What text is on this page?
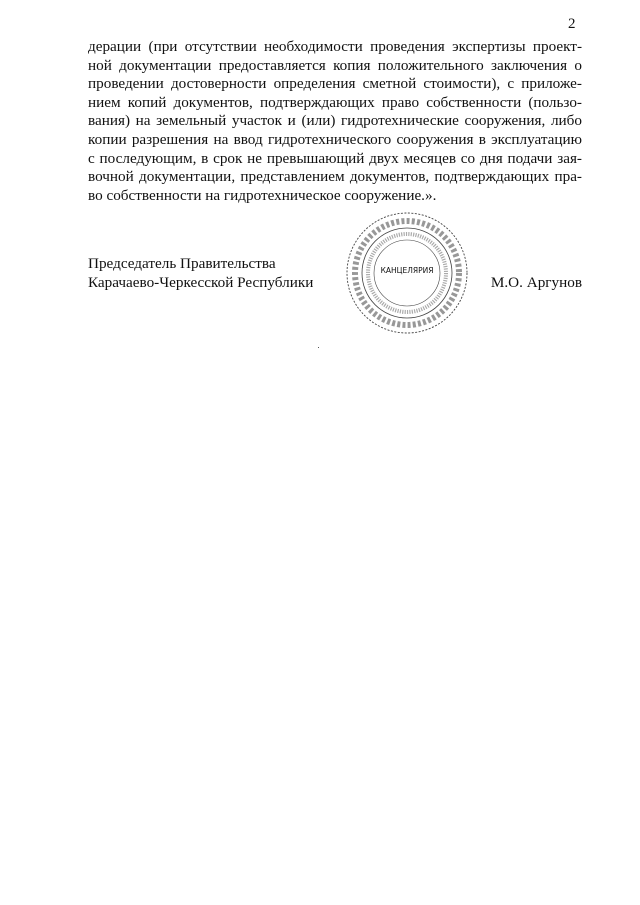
2
дерации (при отсутствии необходимости проведения экспертизы проект-
ной документации предоставляется копия положительного заключения о
проведении достоверности определения сметной стоимости), с приложе-
нием копий документов, подтверждающих право собственности (пользо-
вания) на земельный участок и (или) гидротехнические сооружения, либо
копии разрешения на ввод гидротехнического сооружения в эксплуатацию
с последующим, в срок не превышающий двух месяцев со дня подачи зая-
вочной документации, представлением документов, подтверждающих пра-
во собственности на гидротехническое сооружение.».
Председатель Правительства
Карачаево-Черкесской Республики	М.О. Аргунов
КАНЦЕЛЯРИЯ
